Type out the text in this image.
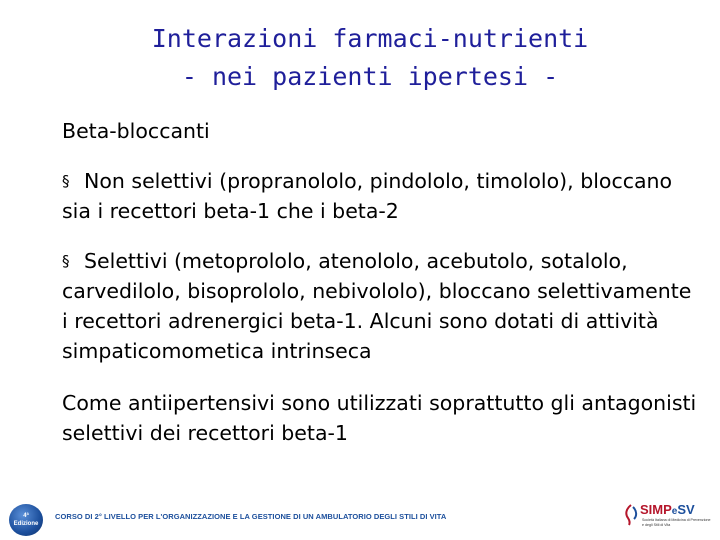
Interazioni farmaci-nutrienti
- nei pazienti ipertesi -

Beta-bloccanti

§ Non selettivi (propranololo, pindololo, timololo), bloccano sia i recettori beta-1 che i beta-2

§ Selettivi (metoprololo, atenololo, acebutolo, sotalolo, carvedilolo, bisoprololo, nebivololo), bloccano selettivamente i recettori adrenergici beta-1. Alcuni sono dotati di attività simpaticomometica intrinseca

Come antiipertensivi sono utilizzati soprattutto gli antagonisti selettivi dei recettori beta-1

4ª
Edizione
CORSO DI 2° LIVELLO PER L'ORGANIZZAZIONE E LA GESTIONE DI UN AMBULATORIO DEGLI STILI DI VITA	SIMPeSV
Società Italiana di Medicina di Prevenzione e degli Stili di Vita
